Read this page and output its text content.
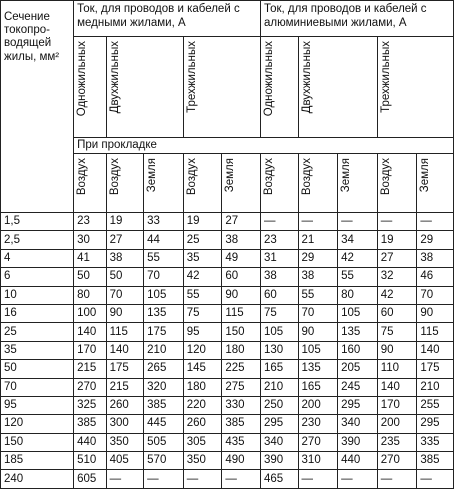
Сечение
токопро-
водящей
жилы, мм²	Ток, для проводов и кабелей с медными жилами, А					Ток, для проводов и кабелей с алюминиевыми жилами, А				

	Одножильных	Двухжильных		Трехжильных		Одножильных	Двухжильных		Трехжильных	

	При прокладке									

	Воздух	Воздух	Земля	Воздух	Земля	Воздух	Воздух	Земля	Воздух	Земля

1,5	23	19	33	19	27	—	—	—	—	—
2,5	30	27	44	25	38	23	21	34	19	29
4	41	38	55	35	49	31	29	42	27	38
6	50	50	70	42	60	38	38	55	32	46
10	80	70	105	55	90	60	55	80	42	70
16	100	90	135	75	115	75	70	105	60	90
25	140	115	175	95	150	105	90	135	75	115
35	170	140	210	120	180	130	105	160	90	140
50	215	175	265	145	225	165	135	205	110	175
70	270	215	320	180	275	210	165	245	140	210
95	325	260	385	220	330	250	200	295	170	255
120	385	300	445	260	385	295	230	340	200	295
150	440	350	505	305	435	340	270	390	235	335
185	510	405	570	350	490	390	310	440	270	385
240	605	—	—	—	—	465	—	—	—	—
